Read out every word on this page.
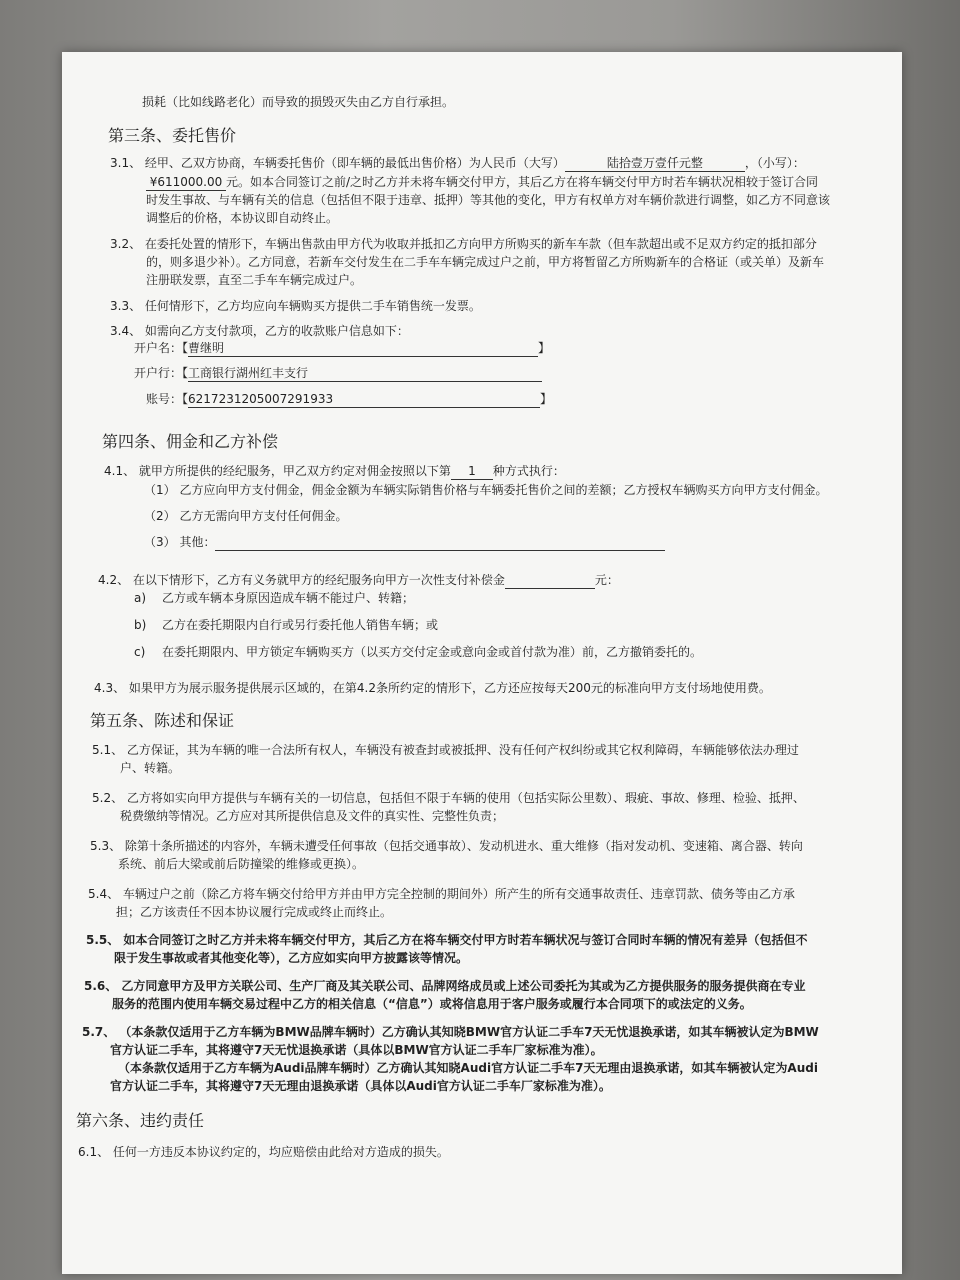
损耗（比如线路老化）而导致的损毁灭失由乙方自行承担。
第三条、委托售价
3.1、 经甲、乙双方协商，车辆委托售价（即车辆的最低出售价格）为人民币（大写）	陆拾壹万壹仟元整	，（小写）：
¥611000.00 元。如本合同签订之前/之时乙方并未将车辆交付甲方，其后乙方在将车辆交付甲方时若车辆状况相较于签订合同
时发生事故、与车辆有关的信息（包括但不限于违章、抵押）等其他的变化，甲方有权单方对车辆价款进行调整，如乙方不同意该
调整后的价格，本协议即自动终止。
3.2、 在委托处置的情形下，车辆出售款由甲方代为收取并抵扣乙方向甲方所购买的新车车款（但车款超出或不足双方约定的抵扣部分
的，则多退少补）。乙方同意，若新车交付发生在二手车车辆完成过户之前，甲方将暂留乙方所购新车的合格证（或关单）及新车
注册联发票，直至二手车车辆完成过户。
3.3、 任何情形下，乙方均应向车辆购买方提供二手车销售统一发票。
3.4、 如需向乙方支付款项，乙方的收款账户信息如下：
开户名：【曹继明	】
开户行：【工商银行湖州红丰支行
账号：【6217231205007291933	】
第四条、佣金和乙方补偿
4.1、 就甲方所提供的经纪服务，甲乙双方约定对佣金按照以下第 1 种方式执行：
（1） 乙方应向甲方支付佣金，佣金金额为车辆实际销售价格与车辆委托售价之间的差额；乙方授权车辆购买方向甲方支付佣金。
（2） 乙方无需向甲方支付任何佣金。
（3） 其他：
4.2、 在以下情形下，乙方有义务就甲方的经纪服务向甲方一次性支付补偿金	元：
a) 乙方或车辆本身原因造成车辆不能过户、转籍；
b) 乙方在委托期限内自行或另行委托他人销售车辆；或
c) 在委托期限内、甲方锁定车辆购买方（以买方交付定金或意向金或首付款为准）前，乙方撤销委托的。
4.3、 如果甲方为展示服务提供展示区域的，在第4.2条所约定的情形下，乙方还应按每天200元的标准向甲方支付场地使用费。
第五条、陈述和保证
5.1、 乙方保证，其为车辆的唯一合法所有权人，车辆没有被查封或被抵押、没有任何产权纠纷或其它权利障碍，车辆能够依法办理过
户、转籍。
5.2、 乙方将如实向甲方提供与车辆有关的一切信息，包括但不限于车辆的使用（包括实际公里数）、瑕疵、事故、修理、检验、抵押、
税费缴纳等情况。乙方应对其所提供信息及文件的真实性、完整性负责；
5.3、 除第十条所描述的内容外，车辆未遭受任何事故（包括交通事故）、发动机进水、重大维修（指对发动机、变速箱、离合器、转向
系统、前后大梁或前后防撞梁的维修或更换）。
5.4、 车辆过户之前（除乙方将车辆交付给甲方并由甲方完全控制的期间外）所产生的所有交通事故责任、违章罚款、债务等由乙方承
担；乙方该责任不因本协议履行完成或终止而终止。
5.5、 如本合同签订之时乙方并未将车辆交付甲方，其后乙方在将车辆交付甲方时若车辆状况与签订合同时车辆的情况有差异（包括但不
限于发生事故或者其他变化等），乙方应如实向甲方披露该等情况。
5.6、 乙方同意甲方及甲方关联公司、生产厂商及其关联公司、品牌网络成员或上述公司委托为其或为乙方提供服务的服务提供商在专业
服务的范围内使用车辆交易过程中乙方的相关信息（“信息”）或将信息用于客户服务或履行本合同项下的或法定的义务。
5.7、 （本条款仅适用于乙方车辆为BMW品牌车辆时）乙方确认其知晓BMW官方认证二手车7天无忧退换承诺，如其车辆被认定为BMW
官方认证二手车，其将遵守7天无忧退换承诺（具体以BMW官方认证二手车厂家标准为准）。
（本条款仅适用于乙方车辆为Audi品牌车辆时）乙方确认其知晓Audi官方认证二手车7天无理由退换承诺，如其车辆被认定为Audi
官方认证二手车，其将遵守7天无理由退换承诺（具体以Audi官方认证二手车厂家标准为准）。
第六条、违约责任
6.1、 任何一方违反本协议约定的，均应赔偿由此给对方造成的损失。
